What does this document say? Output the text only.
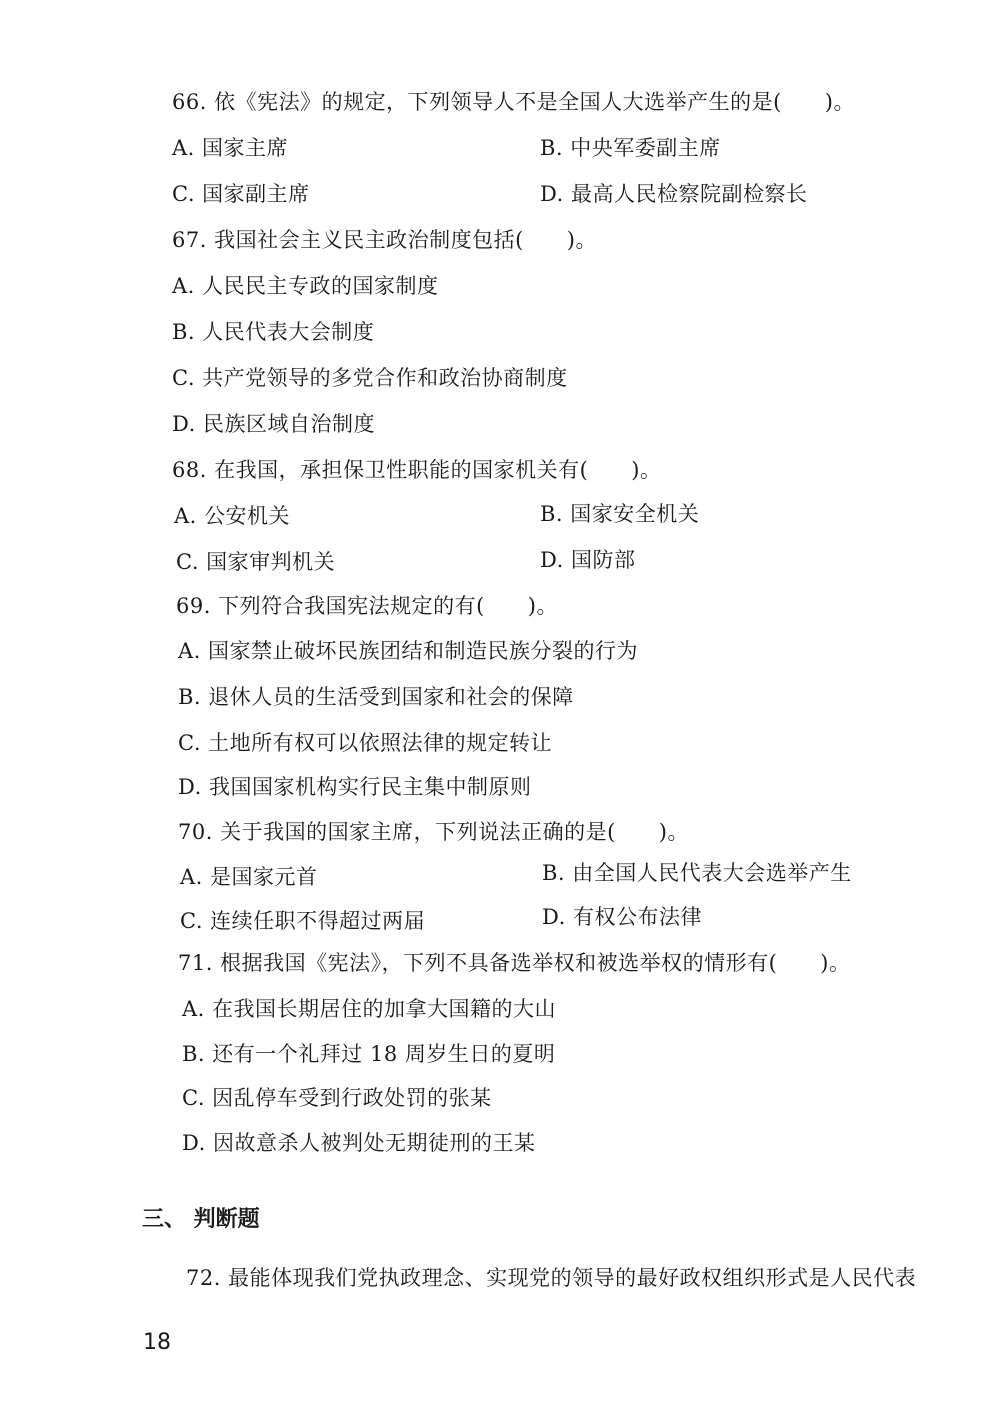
66. 依《宪法》的规定，下列领导人不是全国人大选举产生的是(　　)。
A. 国家主席	B. 中央军委副主席
C. 国家副主席	D. 最高人民检察院副检察长
67. 我国社会主义民主政治制度包括(　　)。
A. 人民民主专政的国家制度
B. 人民代表大会制度
C. 共产党领导的多党合作和政治协商制度
D. 民族区域自治制度
68. 在我国，承担保卫性职能的国家机关有(　　)。
A. 公安机关	B. 国家安全机关
C. 国家审判机关	D. 国防部
69. 下列符合我国宪法规定的有(　　)。
A. 国家禁止破坏民族团结和制造民族分裂的行为
B. 退休人员的生活受到国家和社会的保障
C. 土地所有权可以依照法律的规定转让
D. 我国国家机构实行民主集中制原则
70. 关于我国的国家主席，下列说法正确的是(　　)。
A. 是国家元首	B. 由全国人民代表大会选举产生
C. 连续任职不得超过两届	D. 有权公布法律
71. 根据我国《宪法》，下列不具备选举权和被选举权的情形有(　　)。
A. 在我国长期居住的加拿大国籍的大山
B. 还有一个礼拜过 18 周岁生日的夏明
C. 因乱停车受到行政处罚的张某
D. 因故意杀人被判处无期徒刑的王某
三、 判断题
72. 最能体现我们党执政理念、实现党的领导的最好政权组织形式是人民代表
18
